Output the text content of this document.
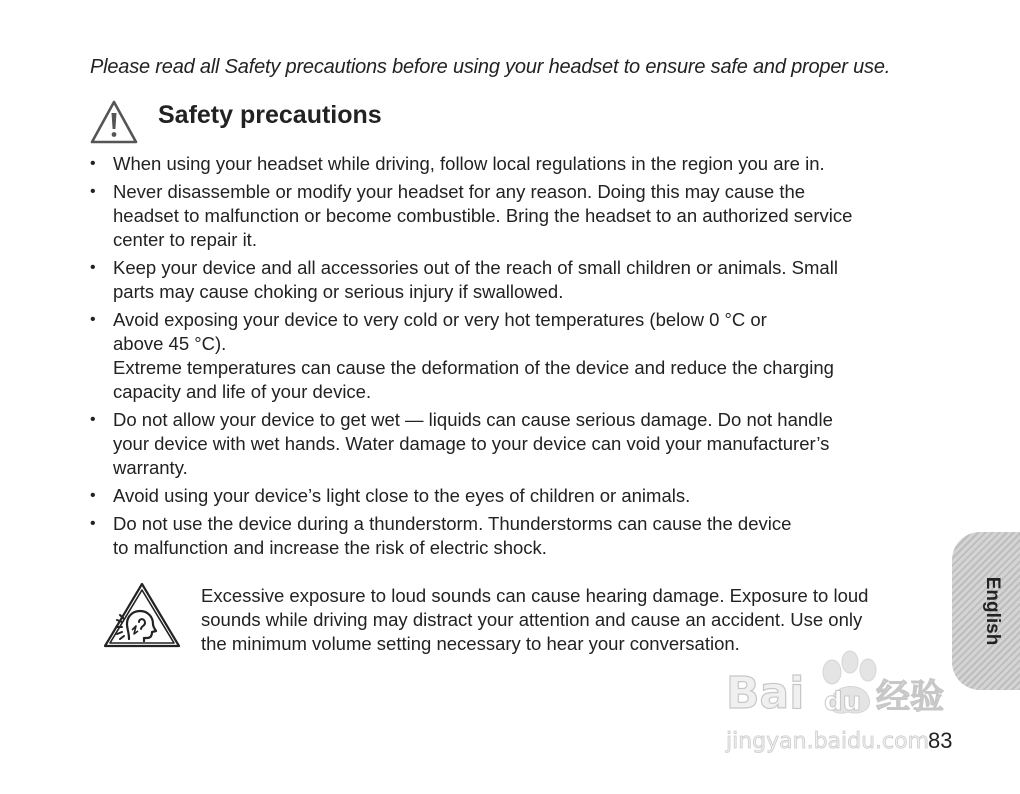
Please read all Safety precautions before using your headset to ensure safe and proper use.
Safety precautions
• When using your headset while driving, follow local regulations in the region you are in.
• Never disassemble or modify your headset for any reason. Doing this may cause the
headset to malfunction or become combustible. Bring the headset to an authorized service
center to repair it.
• Keep your device and all accessories out of the reach of small children or animals. Small
parts may cause choking or serious injury if swallowed.
• Avoid exposing your device to very cold or very hot temperatures (below 0 °C or
above 45 °C).
Extreme temperatures can cause the deformation of the device and reduce the charging
capacity and life of your device.
• Do not allow your device to get wet — liquids can cause serious damage. Do not handle
your device with wet hands. Water damage to your device can void your manufacturer’s
warranty.
• Avoid using your device’s light close to the eyes of children or animals.
• Do not use the device during a thunderstorm. Thunderstorms can cause the device
to malfunction and increase the risk of electric shock.
Excessive exposure to loud sounds can cause hearing damage. Exposure to loud
sounds while driving may distract your attention and cause an accident. Use only
the minimum volume setting necessary to hear your conversation.	English
Bai du 经验
jingyan.baidu.com
83
